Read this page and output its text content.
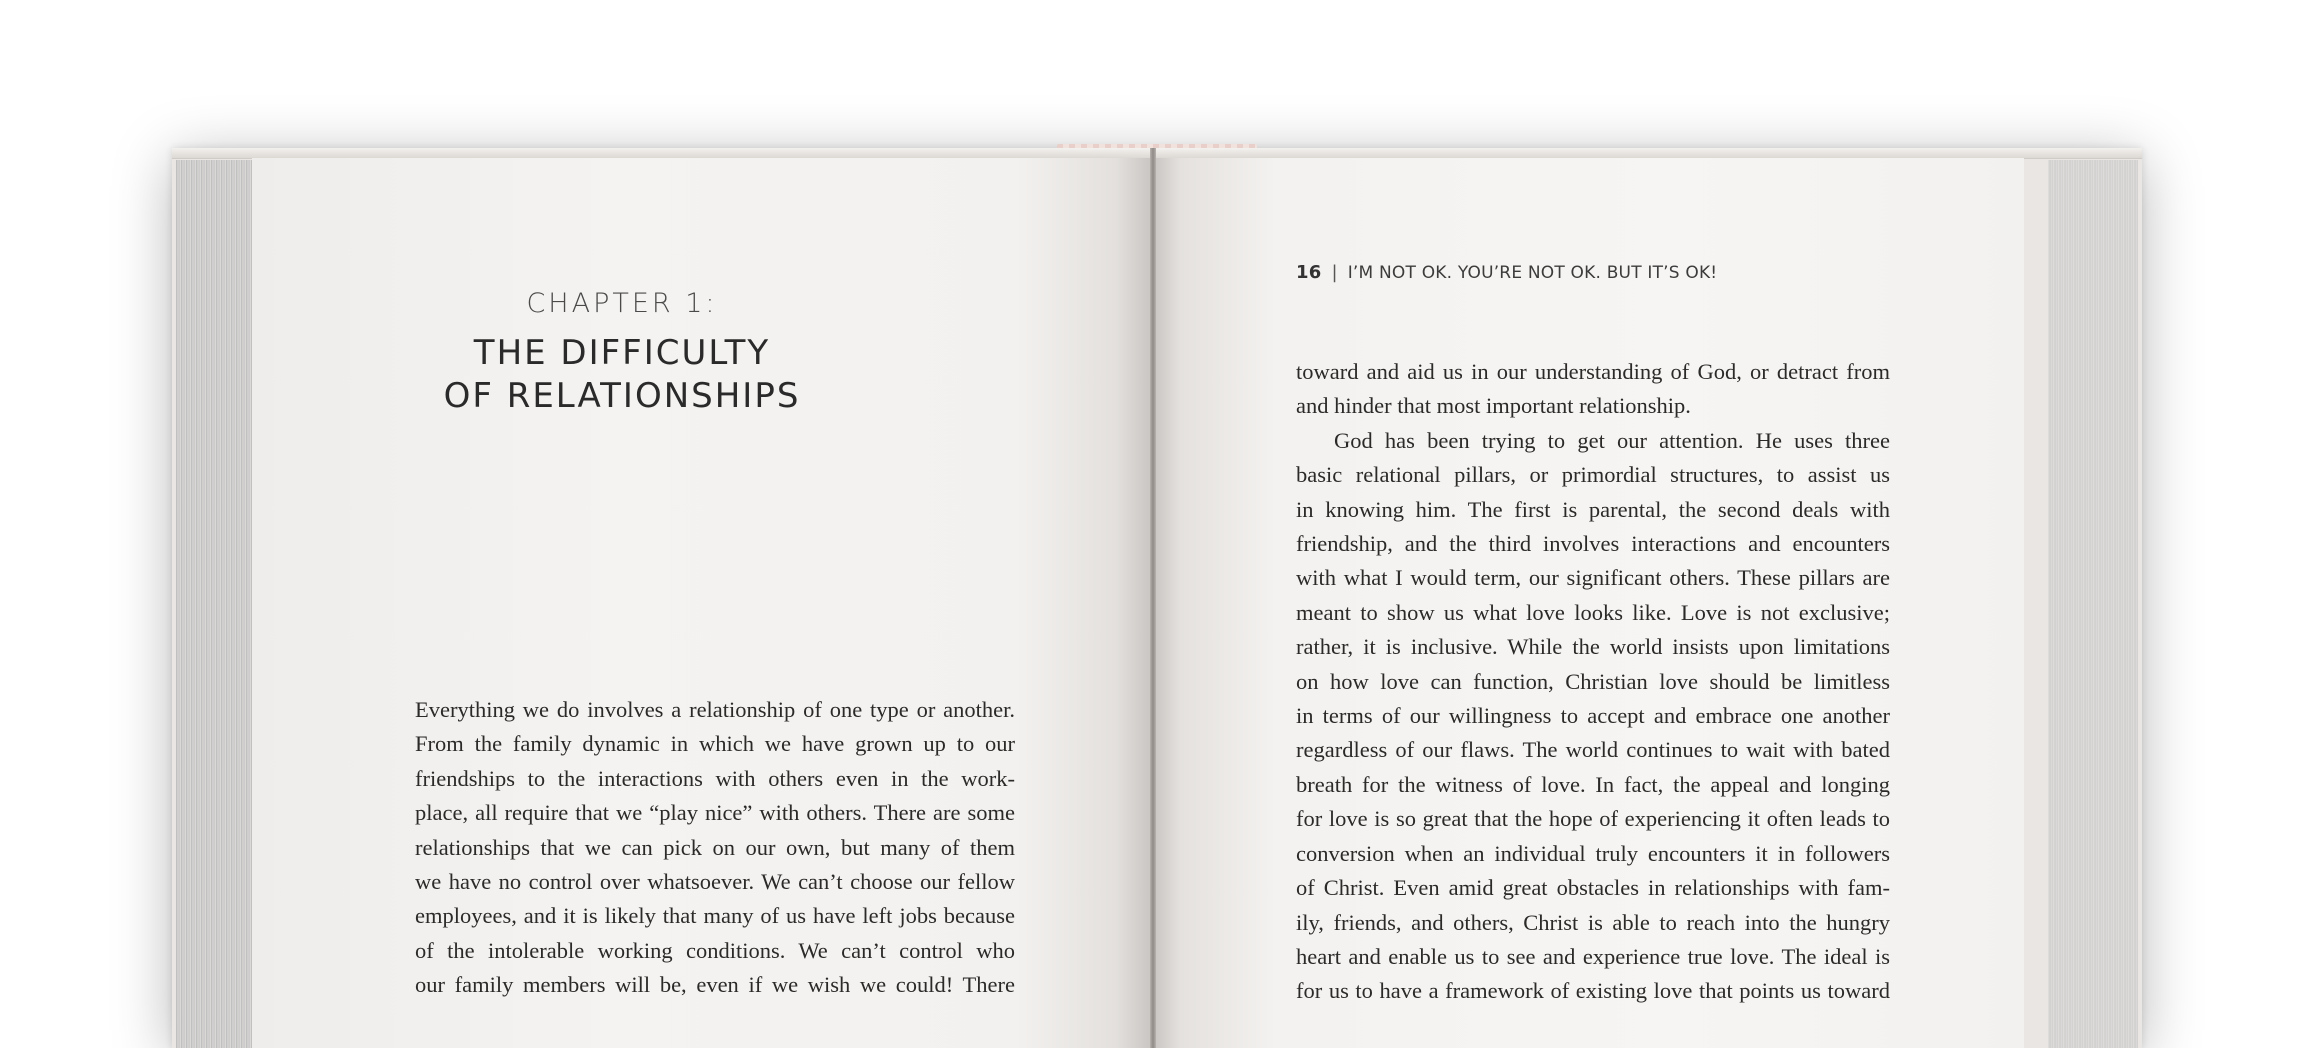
CHAPTER 1:
THE DIFFICULTY
OF RELATIONSHIPS
Everything we do involves a relationship of one type or another.
From the family dynamic in which we have grown up to our
friendships to the interactions with others even in the work-
place, all require that we “play nice” with others. There are some
relationships that we can pick on our own, but many of them
we have no control over whatsoever. We can’t choose our fellow
employees, and it is likely that many of us have left jobs because
of the intolerable working conditions. We can’t control who
our family members will be, even if we wish we could! There
16 | I’M NOT OK. YOU’RE NOT OK. BUT IT’S OK!
toward and aid us in our understanding of God, or detract from
and hinder that most important relationship.
God has been trying to get our attention. He uses three
basic relational pillars, or primordial structures, to assist us
in knowing him. The first is parental, the second deals with
friendship, and the third involves interactions and encounters
with what I would term, our significant others. These pillars are
meant to show us what love looks like. Love is not exclusive;
rather, it is inclusive. While the world insists upon limitations
on how love can function, Christian love should be limitless
in terms of our willingness to accept and embrace one another
regardless of our flaws. The world continues to wait with bated
breath for the witness of love. In fact, the appeal and longing
for love is so great that the hope of experiencing it often leads to
conversion when an individual truly encounters it in followers
of Christ. Even amid great obstacles in relationships with fam-
ily, friends, and others, Christ is able to reach into the hungry
heart and enable us to see and experience true love. The ideal is
for us to have a framework of existing love that points us toward
